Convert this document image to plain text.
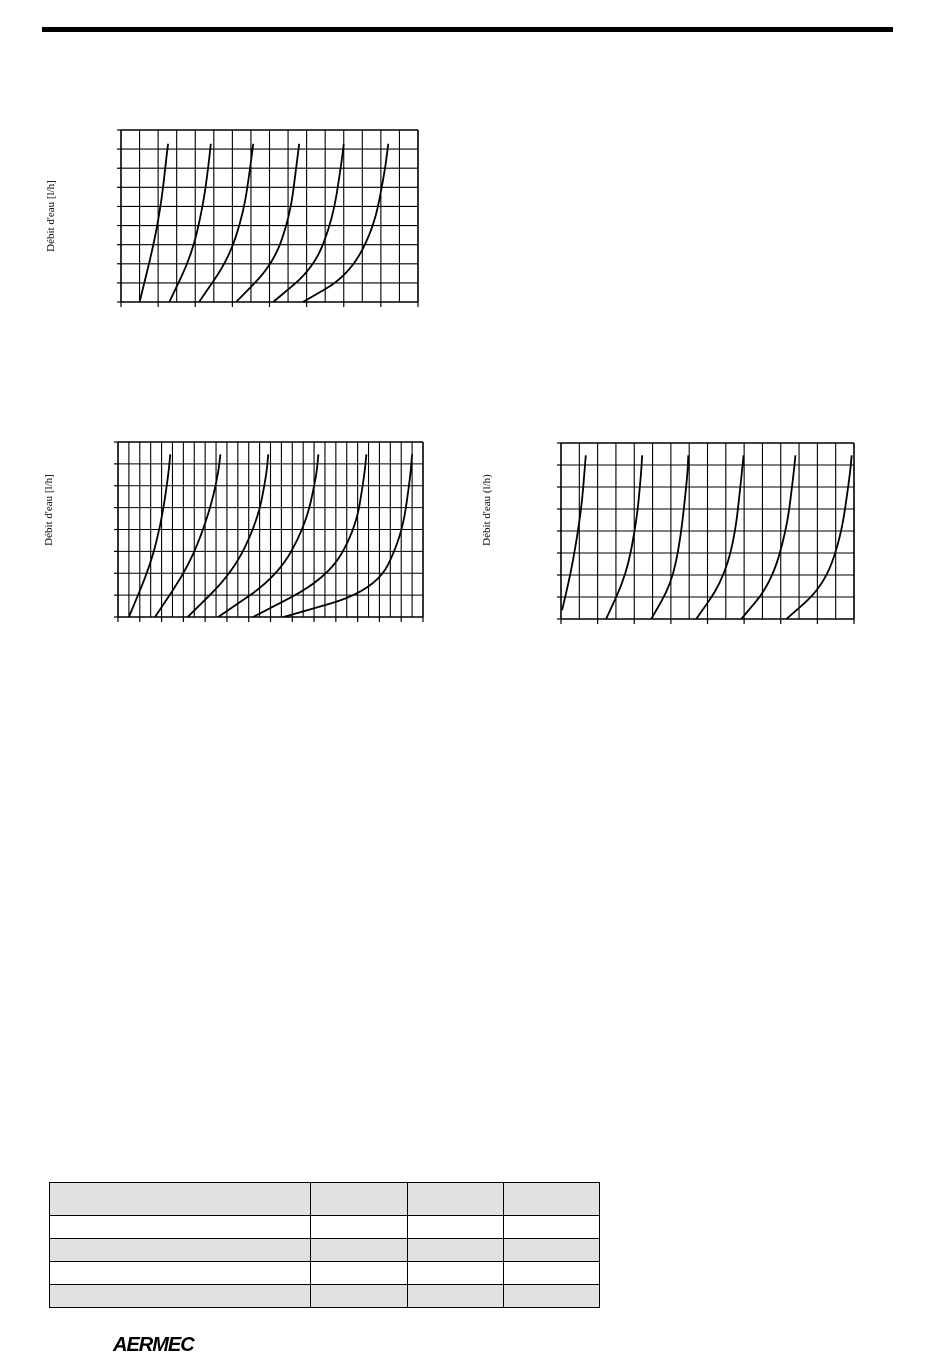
Débit d'eau [l/h]
Débit d'eau [l/h]	Débit d'eau (l/h)

AERMEC
